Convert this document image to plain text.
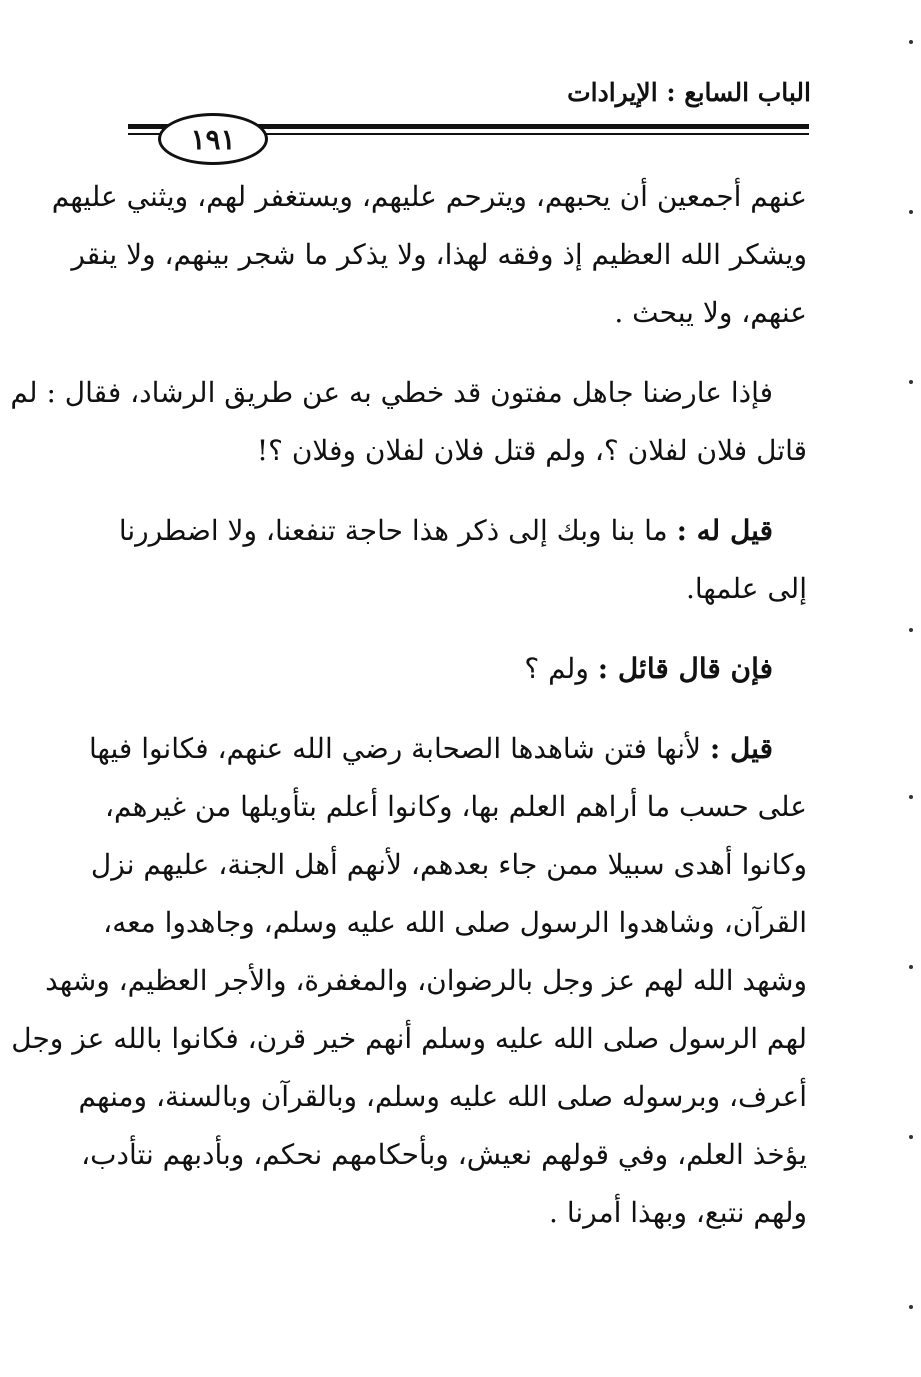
الباب السابع : الإيرادات
١٩١
عنهم أجمعين أن يحبهم، ويترحم عليهم، ويستغفر لهم، ويثني عليهم
ويشكر الله العظيم إذ وفقه لهذا، ولا يذكر ما شجر بينهم، ولا ينقر
عنهم، ولا يبحث .
فإذا عارضنا جاهل مفتون قد خطي به عن طريق الرشاد، فقال : لم
قاتل فلان لفلان ؟، ولم قتل فلان لفلان وفلان ؟!
قيل له : ما بنا وبك إلى ذكر هذا حاجة تنفعنا، ولا اضطررنا
إلى علمها.
فإن قال قائل : ولم ؟
قيل : لأنها فتن شاهدها الصحابة رضي الله عنهم، فكانوا فيها
على حسب ما أراهم العلم بها، وكانوا أعلم بتأويلها من غيرهم،
وكانوا أهدى سبيلا ممن جاء بعدهم، لأنهم أهل الجنة، عليهم نزل
القرآن، وشاهدوا الرسول صلى الله عليه وسلم، وجاهدوا معه،
وشهد الله لهم عز وجل بالرضوان، والمغفرة، والأجر العظيم، وشهد
لهم الرسول صلى الله عليه وسلم أنهم خير قرن، فكانوا بالله عز وجل
أعرف، وبرسوله صلى الله عليه وسلم، وبالقرآن وبالسنة، ومنهم
يؤخذ العلم، وفي قولهم نعيش، وبأحكامهم نحكم، وبأدبهم نتأدب،
ولهم نتبع، وبهذا أمرنا .
